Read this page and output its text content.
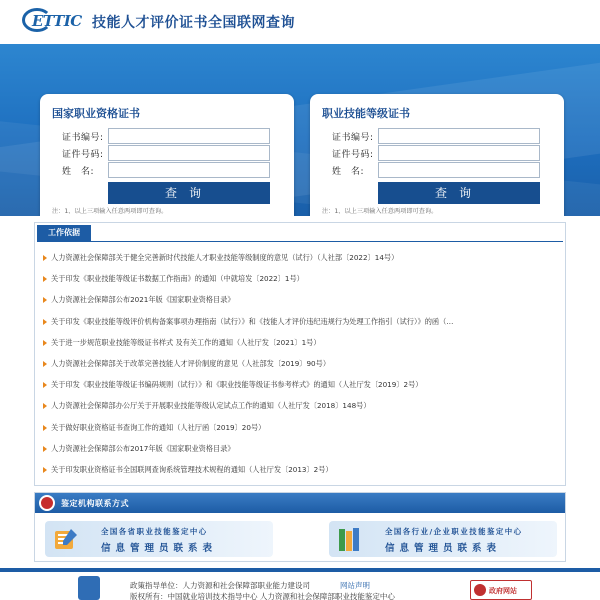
ETTIC 技能人才评价证书全国联网查询
国家职业资格证书
证书编号:
证件号码:
姓　名:
查询

注：1、以上三项输入任意两项即可查询。

职业技能等级证书
证书编号:
证件号码:
姓　名:
查询

注：1、以上三项输入任意两项即可查询。

工作依据
人力资源社会保障部关于健全完善新时代技能人才职业技能等级制度的意见（试行）（人社部〔2022〕14号）
关于印发《职业技能等级证书数据工作指南》的通知（中就培发〔2022〕1号）
人力资源社会保障部公布2021年版《国家职业资格目录》
关于印发《职业技能等级评价机构备案事项办理指南（试行）》和《技能人才评价违纪违规行为处理工作指引（试行）》的函（…
关于进一步规范职业技能等级证书样式 及有关工作的通知（人社厅发〔2021〕1号）
人力资源社会保障部关于改革完善技能人才评价制度的意见（人社部发〔2019〕90号）
关于印发《职业技能等级证书编码规则（试行）》和《职业技能等级证书参考样式》的通知（人社厅发〔2019〕2号）
人力资源社会保障部办公厅关于开展职业技能等级认定试点工作的通知（人社厅发〔2018〕148号）
关于做好职业资格证书查询工作的通知（人社厅函〔2019〕20号）
人力资源社会保障部公布2017年版《国家职业资格目录》
关于印发职业资格证书全国联网查询系统管理技术规程的通知（人社厅发〔2013〕2号）
鉴定机构联系方式
全国各省职业技能鉴定中心
信息管理员联系表
全国各行业/企业职业技能鉴定中心
信息管理员联系表
政策指导单位：人力资源和社会保障部职业能力建设司
版权所有：中国就业培训技术指导中心 人力资源和社会保障部职业技能鉴定中心
网站声明
政府网站
